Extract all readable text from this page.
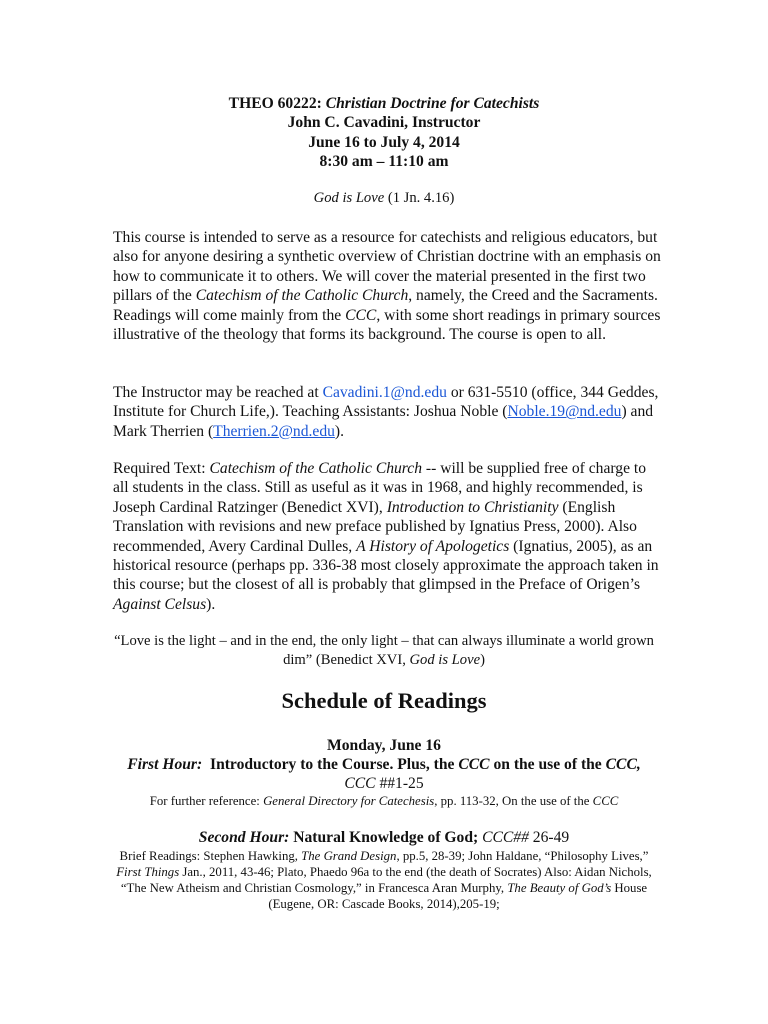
THEO 60222: Christian Doctrine for Catechists
John C. Cavadini, Instructor
June 16 to July 4, 2014
8:30 am – 11:10 am
God is Love (1 Jn. 4.16)

This course is intended to serve as a resource for catechists and religious educators, but also for anyone desiring a synthetic overview of Christian doctrine with an emphasis on how to communicate it to others. We will cover the material presented in the first two pillars of the Catechism of the Catholic Church, namely, the Creed and the Sacraments. Readings will come mainly from the CCC, with some short readings in primary sources illustrative of the theology that forms its background. The course is open to all.

The Instructor may be reached at Cavadini.1@nd.edu or 631-5510 (office, 344 Geddes, Institute for Church Life,). Teaching Assistants: Joshua Noble (Noble.19@nd.edu) and Mark Therrien (Therrien.2@nd.edu).

Required Text: Catechism of the Catholic Church -- will be supplied free of charge to all students in the class. Still as useful as it was in 1968, and highly recommended, is Joseph Cardinal Ratzinger (Benedict XVI), Introduction to Christianity (English Translation with revisions and new preface published by Ignatius Press, 2000). Also recommended, Avery Cardinal Dulles, A History of Apologetics (Ignatius, 2005), as an historical resource (perhaps pp. 336-38 most closely approximate the approach taken in this course; but the closest of all is probably that glimpsed in the Preface of Origen’s Against Celsus).

“Love is the light – and in the end, the only light – that can always illuminate a world grown dim” (Benedict XVI, God is Love)
Schedule of Readings
Monday, June 16
First Hour:  Introductory to the Course. Plus, the CCC on the use of the CCC,
CCC ##1-25
For further reference: General Directory for Catechesis, pp. 113-32, On the use of the CCC
Second Hour: Natural Knowledge of God; CCC## 26-49
Brief Readings: Stephen Hawking, The Grand Design, pp.5, 28-39; John Haldane, “Philosophy Lives,” First Things Jan., 2011, 43-46; Plato, Phaedo 96a to the end (the death of Socrates) Also: Aidan Nichols, “The New Atheism and Christian Cosmology,” in Francesca Aran Murphy, The Beauty of God’s House (Eugene, OR: Cascade Books, 2014),205-19;
